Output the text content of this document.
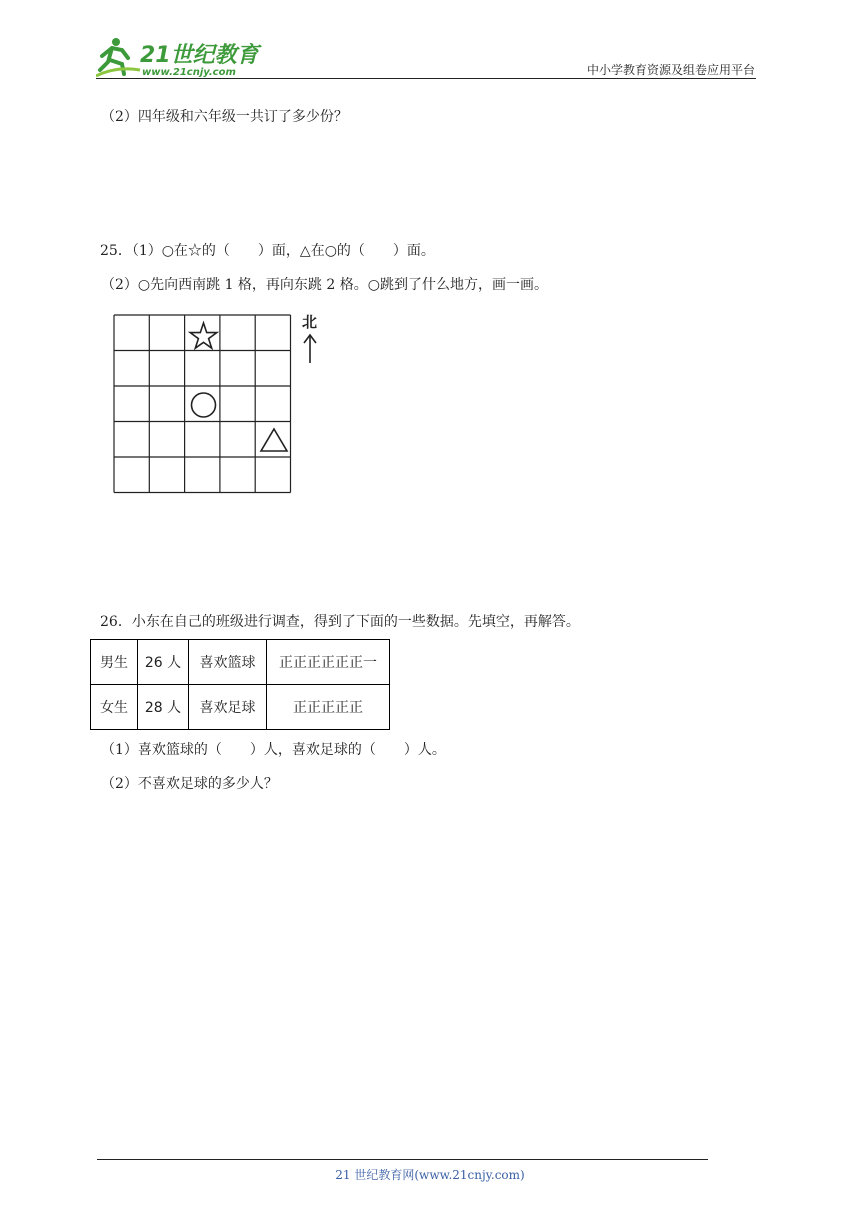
21世纪教育
www.21cnjy.com	中小学教育资源及组卷应用平台
（2）四年级和六年级一共订了多少份？
25．（1）○在☆的（　　）面，△在○的（　　）面。
（2）○先向西南跳 1 格，再向东跳 2 格。○跳到了什么地方，画一画。
北
26．小东在自己的班级进行调查，得到了下面的一些数据。先填空，再解答。
男生	26 人	喜欢篮球	正正正正正正一
女生	28 人	喜欢足球	正正正正正
（1）喜欢篮球的（　　）人，喜欢足球的（　　）人。
（2）不喜欢足球的多少人？
21 世纪教育网(www.21cnjy.com)
